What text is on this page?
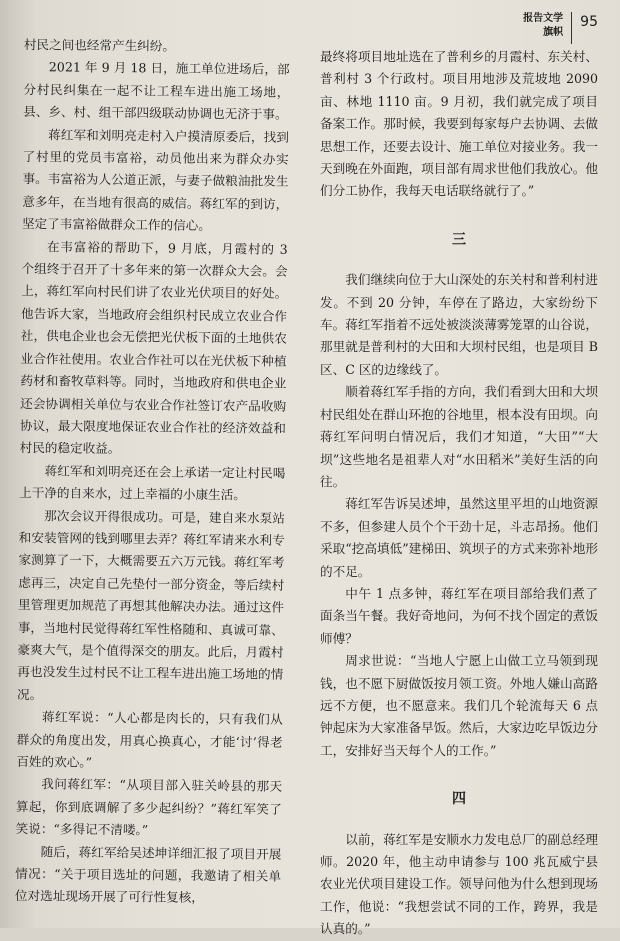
报告文学
旗帜
95

村民之间也经常产生纠纷。

2021 年 9 月 18 日，施工单位进场后，部分村民纠集在一起不让工程车进出施工场地，县、乡、村、组干部四级联动协调也无济于事。

蒋红军和刘明亮走村入户摸清原委后，找到了村里的党员韦富裕，动员他出来为群众办实事。韦富裕为人公道正派，与妻子做粮油批发生意多年，在当地有很高的威信。蒋红军的到访，坚定了韦富裕做群众工作的信心。

在韦富裕的帮助下，9 月底，月霞村的 3 个组终于召开了十多年来的第一次群众大会。会上，蒋红军向村民们讲了农业光伏项目的好处。他告诉大家，当地政府会组织村民成立农业合作社，供电企业也会无偿把光伏板下面的土地供农业合作社使用。农业合作社可以在光伏板下种植药材和畜牧草料等。同时，当地政府和供电企业还会协调相关单位与农业合作社签订农产品收购协议，最大限度地保证农业合作社的经济效益和村民的稳定收益。

蒋红军和刘明亮还在会上承诺一定让村民喝上干净的自来水，过上幸福的小康生活。

那次会议开得很成功。可是，建自来水泵站和安装管网的钱到哪里去弄？蒋红军请来水利专家测算了一下，大概需要五六万元钱。蒋红军考虑再三，决定自己先垫付一部分资金，等后续村里管理更加规范了再想其他解决办法。通过这件事，当地村民觉得蒋红军性格随和、真诚可靠、豪爽大气，是个值得深交的朋友。此后，月霞村再也没发生过村民不让工程车进出施工场地的情况。

蒋红军说：“人心都是肉长的，只有我们从群众的角度出发，用真心换真心，才能‘讨’得老百姓的欢心。”

我问蒋红军：“从项目部入驻关岭县的那天算起，你到底调解了多少起纠纷？”蒋红军笑了笑说：“多得记不清喽。”

随后，蒋红军给吴述坤详细汇报了项目开展情况：“关于项目选址的问题，我邀请了相关单位对选址现场开展了可行性复核，

最终将项目地址选在了普利乡的月霞村、东关村、普利村 3 个行政村。项目用地涉及荒坡地 2090 亩、林地 1110 亩。9 月初，我们就完成了项目备案工作。那时候，我要到每家每户去协调、去做思想工作，还要去设计、施工单位对接业务。我一天到晚在外面跑，项目部有周求世他们我放心。他们分工协作，我每天电话联络就行了。”

三

我们继续向位于大山深处的东关村和普利村进发。不到 20 分钟，车停在了路边，大家纷纷下车。蒋红军指着不远处被淡淡薄雾笼罩的山谷说，那里就是普利村的大田和大坝村民组，也是项目 B 区、C 区的边缘线了。

顺着蒋红军手指的方向，我们看到大田和大坝村民组处在群山环抱的谷地里，根本没有田坝。向蒋红军问明白情况后，我们才知道，“大田”“大坝”这些地名是祖辈人对“水田稻米”美好生活的向往。

蒋红军告诉吴述坤，虽然这里平坦的山地资源不多，但参建人员个个干劲十足，斗志昂扬。他们采取“挖高填低”建梯田、筑坝子的方式来弥补地形的不足。

中午 1 点多钟，蒋红军在项目部给我们煮了面条当午餐。我好奇地问，为何不找个固定的煮饭师傅？

周求世说：“当地人宁愿上山做工立马领到现钱，也不愿下厨做饭按月领工资。外地人嫌山高路远不方便，也不愿意来。我们几个轮流每天 6 点钟起床为大家准备早饭。然后，大家边吃早饭边分工，安排好当天每个人的工作。”

四

以前，蒋红军是安顺水力发电总厂的副总经理师。2020 年，他主动申请参与 100 兆瓦威宁县农业光伏项目建设工作。领导问他为什么想到现场工作，他说：“我想尝试不同的工作，跨界，我是认真的。”
